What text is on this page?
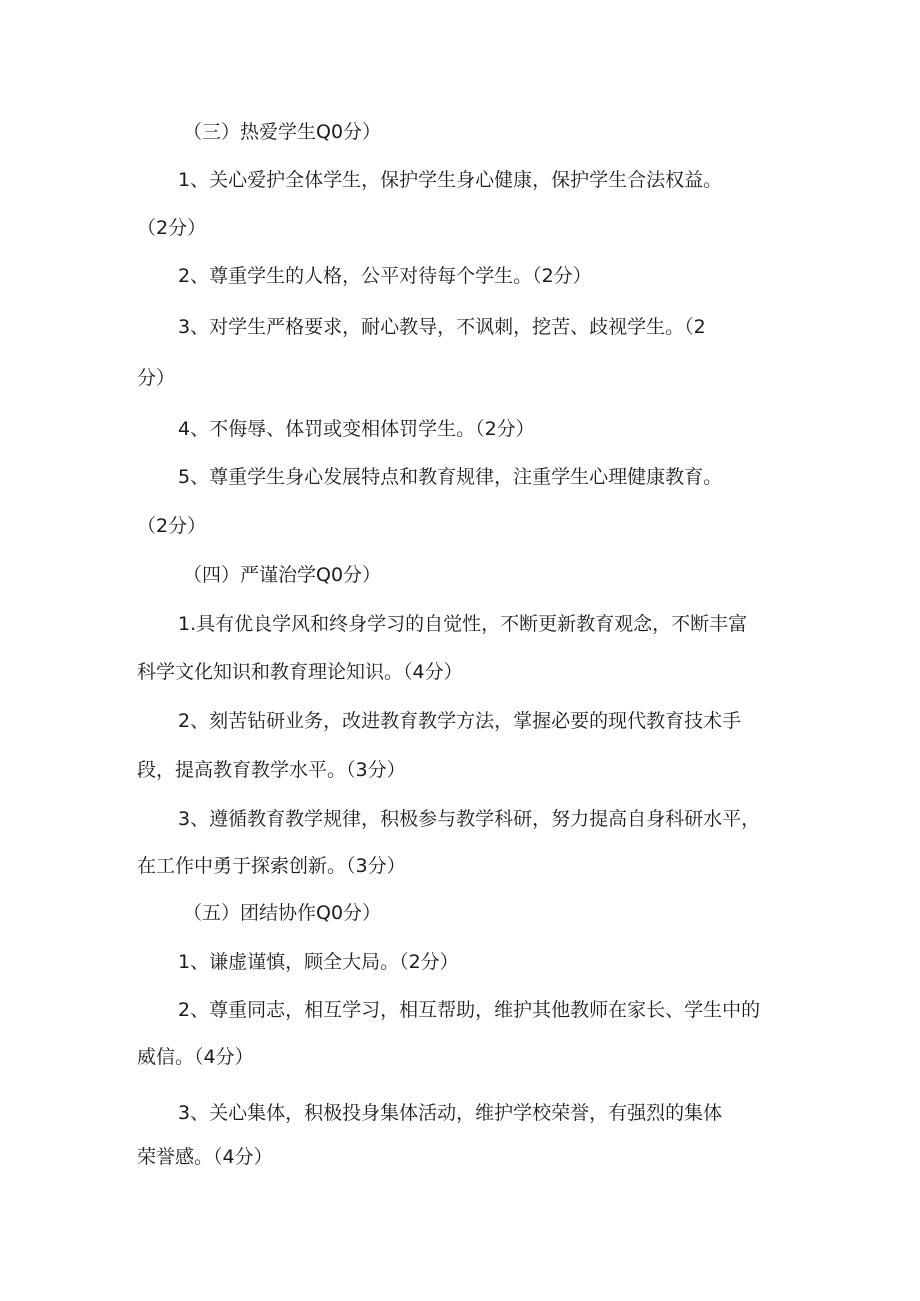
（三）热爱学生Q0分）
1、关心爱护全体学生，保护学生身心健康，保护学生合法权益。
（2分）
2、尊重学生的人格，公平对待每个学生。（2分）
3、对学生严格要求，耐心教导，不讽刺，挖苦、歧视学生。（2
分）
4、不侮辱、体罚或变相体罚学生。（2分）
5、尊重学生身心发展特点和教育规律，注重学生心理健康教育。
（2分）
（四）严谨治学Q0分）
1.具有优良学风和终身学习的自觉性，不断更新教育观念，不断丰富
科学文化知识和教育理论知识。（4分）
2、刻苦钻研业务，改进教育教学方法，掌握必要的现代教育技术手
段，提高教育教学水平。（3分）
3、遵循教育教学规律，积极参与教学科研，努力提高自身科研水平，
在工作中勇于探索创新。（3分）
（五）团结协作Q0分）
1、谦虚谨慎，顾全大局。（2分）
2、尊重同志，相互学习，相互帮助，维护其他教师在家长、学生中的
威信。（4分）
3、关心集体，积极投身集体活动，维护学校荣誉，有强烈的集体
荣誉感。（4分）
